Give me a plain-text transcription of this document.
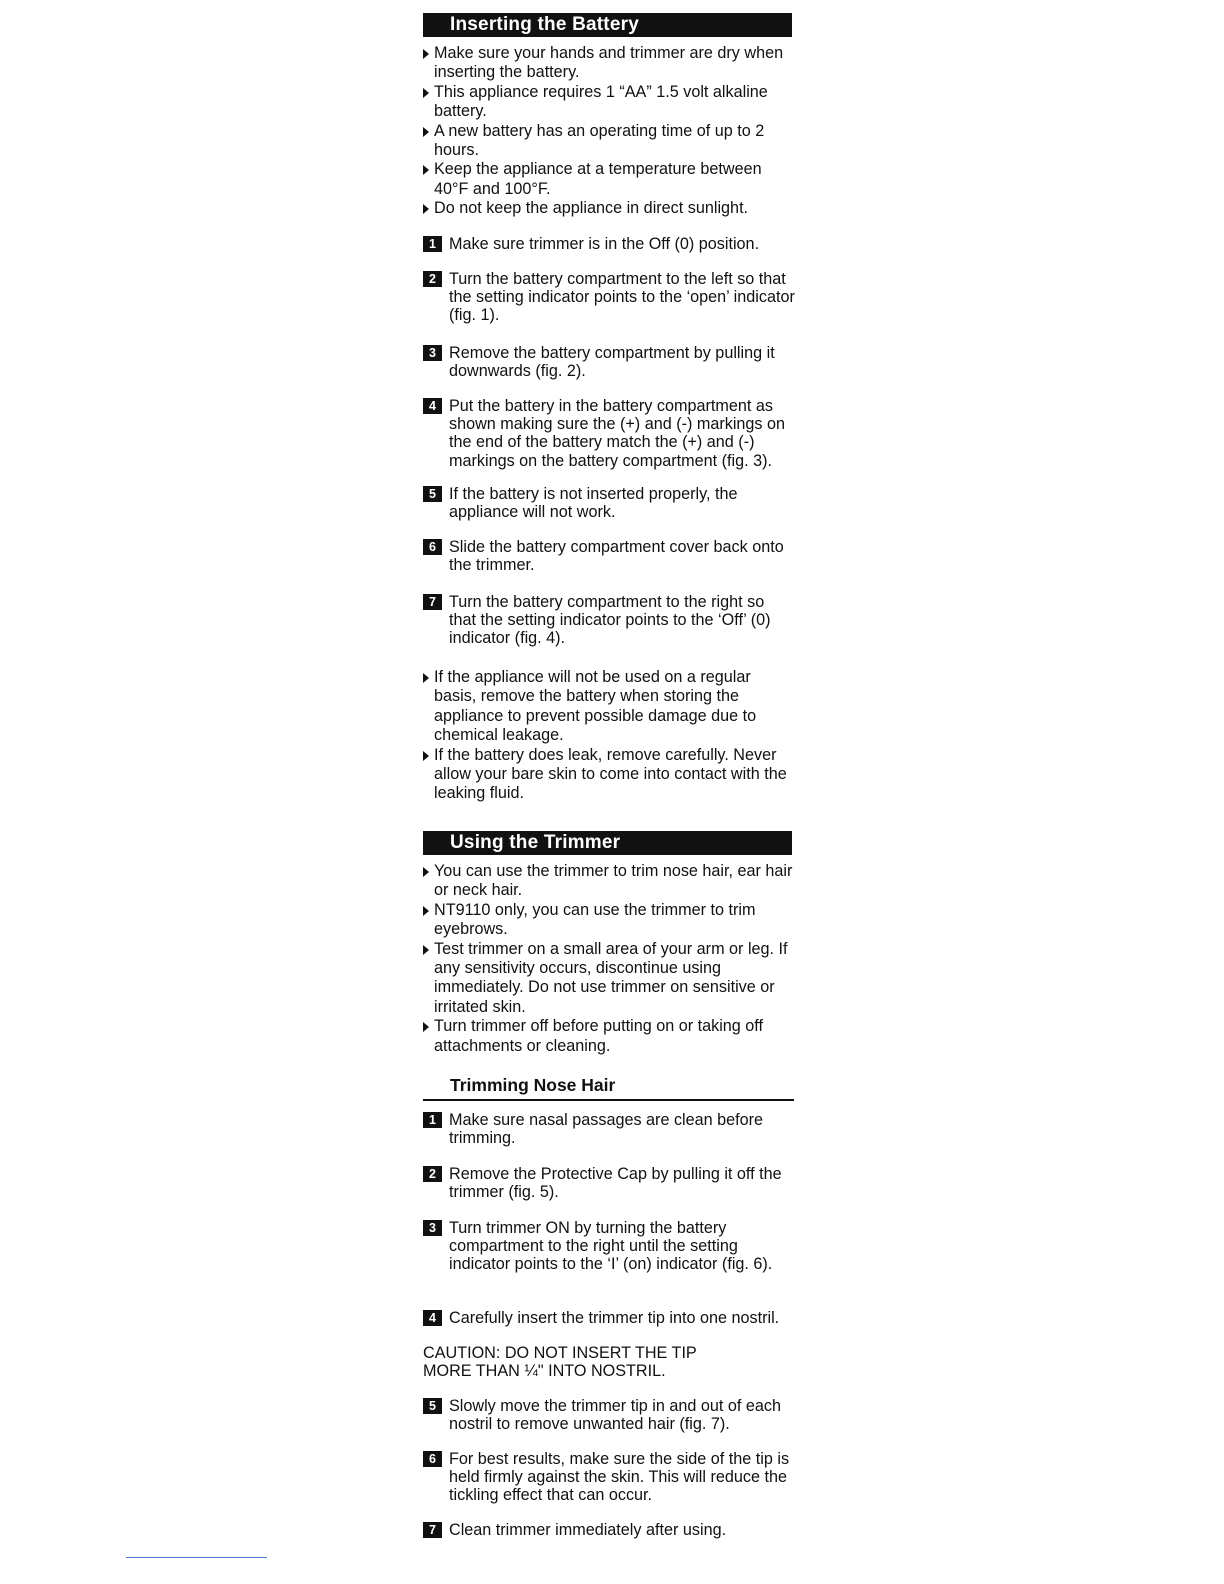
Inserting the Battery
Make sure your hands and trimmer are dry when inserting the battery.
This appliance requires 1 “AA” 1.5 volt alkaline battery.
A new battery has an operating time of up to 2 hours.
Keep the appliance at a temperature between 40°F and 100°F.
Do not keep the appliance in direct sunlight.
1 Make sure trimmer is in the Off (0) position.
2 Turn the battery compartment to the left so that the setting indicator points to the ‘open’ indicator (fig. 1).
3 Remove the battery compartment by pulling it downwards (fig. 2).
4 Put the battery in the battery compartment as shown making sure the (+) and (-) markings on the end of the battery match the (+) and (-) markings on the battery compartment (fig. 3).
5 If the battery is not inserted properly, the appliance will not work.
6 Slide the battery compartment cover back onto the trimmer.
7 Turn the battery compartment to the right so that the setting indicator points to the ‘Off’ (0) indicator (fig. 4).
If the appliance will not be used on a regular basis, remove the battery when storing the appliance to prevent possible damage due to chemical leakage.
If the battery does leak, remove carefully. Never allow your bare skin to come into contact with the leaking fluid.
Using the Trimmer
You can use the trimmer to trim nose hair, ear hair or neck hair.
NT9110 only, you can use the trimmer to trim eyebrows.
Test trimmer on a small area of your arm or leg. If any sensitivity occurs, discontinue using immediately. Do not use trimmer on sensitive or irritated skin.
Turn trimmer off before putting on or taking off attachments or cleaning.
Trimming Nose Hair
1 Make sure nasal passages are clean before trimming.
2 Remove the Protective Cap by pulling it off the trimmer (fig. 5).
3 Turn trimmer ON by turning the battery compartment to the right until the setting indicator points to the ‘I’ (on) indicator (fig. 6).
4 Carefully insert the trimmer tip into one nostril.
CAUTION: DO NOT INSERT THE TIP
MORE THAN ¼" INTO NOSTRIL.
5 Slowly move the trimmer tip in and out of each nostril to remove unwanted hair (fig. 7).
6 For best results, make sure the side of the tip is held firmly against the skin. This will reduce the tickling effect that can occur.
7 Clean trimmer immediately after using.
